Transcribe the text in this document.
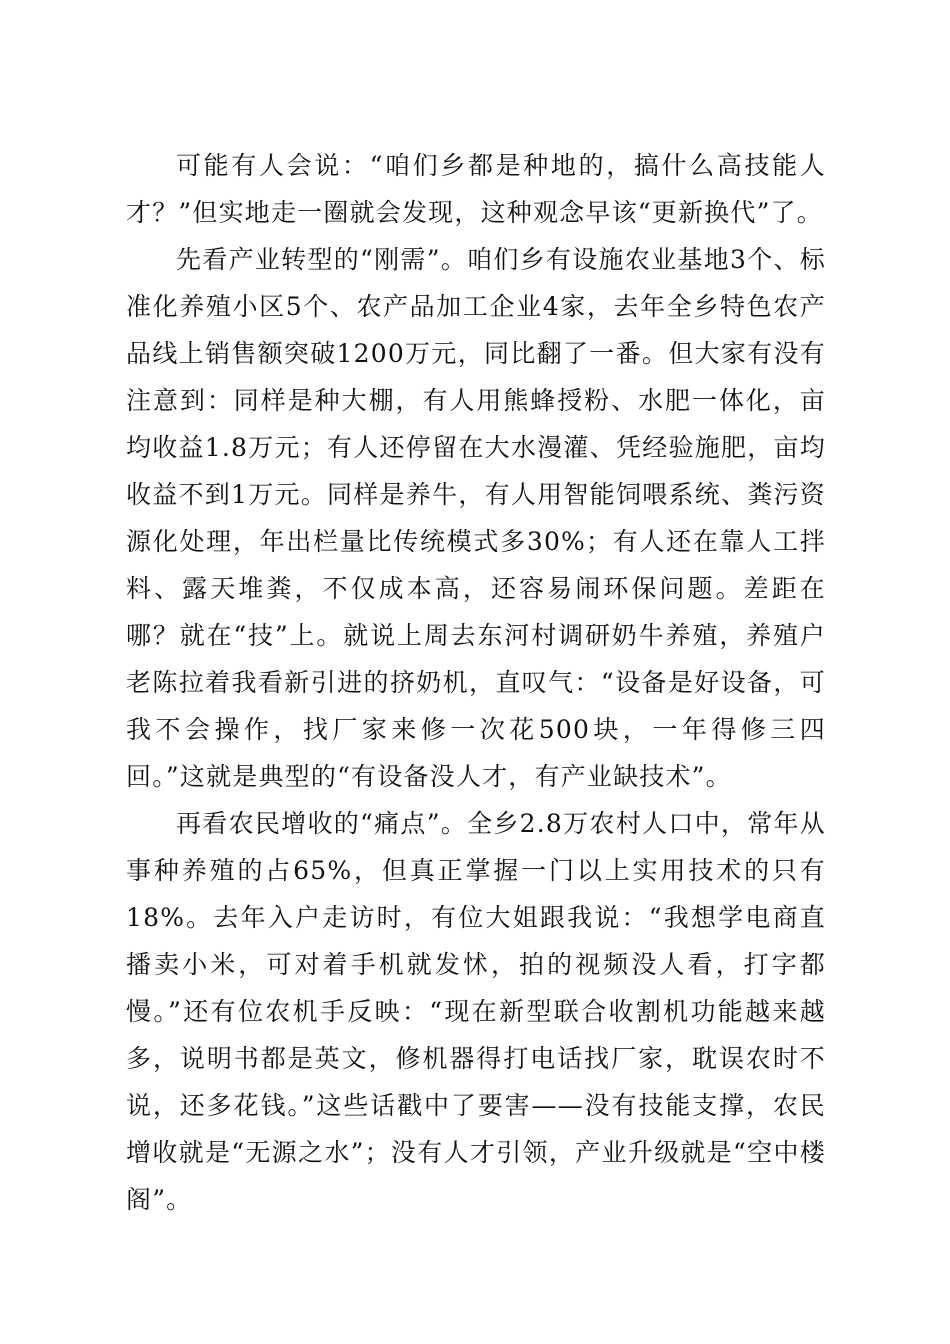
可能有人会说：“咱们乡都是种地的，搞什么高技能人才？”但实地走一圈就会发现，这种观念早该“更新换代”了。

先看产业转型的“刚需”。咱们乡有设施农业基地3个、标准化养殖小区5个、农产品加工企业4家，去年全乡特色农产品线上销售额突破1200万元，同比翻了一番。但大家有没有注意到：同样是种大棚，有人用熊蜂授粉、水肥一体化，亩均收益1.8万元；有人还停留在大水漫灌、凭经验施肥，亩均收益不到1万元。同样是养牛，有人用智能饲喂系统、粪污资源化处理，年出栏量比传统模式多30%；有人还在靠人工拌料、露天堆粪，不仅成本高，还容易闹环保问题。差距在哪？就在“技”上。就说上周去东河村调研奶牛养殖，养殖户老陈拉着我看新引进的挤奶机，直叹气：“设备是好设备，可我不会操作，找厂家来修一次花500块，一年得修三四回。”这就是典型的“有设备没人才，有产业缺技术”。

再看农民增收的“痛点”。全乡2.8万农村人口中，常年从事种养殖的占65%，但真正掌握一门以上实用技术的只有18%。去年入户走访时，有位大姐跟我说：“我想学电商直播卖小米，可对着手机就发怵，拍的视频没人看，打字都慢。”还有位农机手反映：“现在新型联合收割机功能越来越多，说明书都是英文，修机器得打电话找厂家，耽误农时不说，还多花钱。”这些话戳中了要害——没有技能支撑，农民增收就是“无源之水”；没有人才引领，产业升级就是“空中楼阁”。
